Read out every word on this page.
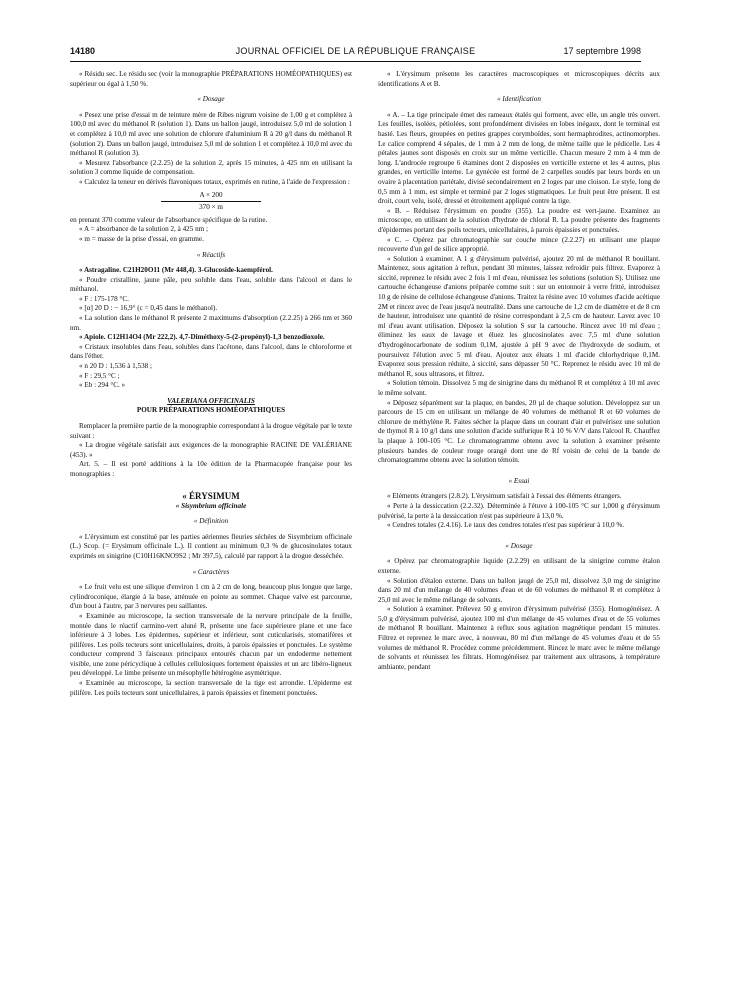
14180	JOURNAL OFFICIEL DE LA RÉPUBLIQUE FRANÇAISE	17 septembre 1998

« Résidu sec. Le résidu sec (voir la monographie PRÉPARATIONS HOMÉOPATHIQUES) est supérieur ou égal à 1,50 %.

« Dosage

« Pesez une prise d'essai m de teinture mère de Ribes nigrum voisine de 1,00 g et complétez à 100,0 ml avec du méthanol R (solution 1). Dans un ballon jaugé, introduisez 5,0 ml de solution 1 et complétez à 10,0 ml avec une solution de chlorure d'aluminium R à 20 g/l dans du méthanol R (solution 2). Dans un ballon jaugé, introduisez 5,0 ml de solution 1 et complétez à 10,0 ml avec du méthanol R (solution 3).

« Mesurez l'absorbance (2.2.25) de la solution 2, après 15 minutes, à 425 nm en utilisant la solution 3 comme liquide de compensation.

« Calculez la teneur en dérivés flavoniques totaux, exprimés en rutine, à l'aide de l'expression :

A × 200
370 × m

en prenant 370 comme valeur de l'absorbance spécifique de la rutine.

« A = absorbance de la solution 2, à 425 nm ;

« m = masse de la prise d'essai, en gramme.

« Réactifs

« Astragaline. C21H20O11 (Mr 448,4). 3-Glucoside-kaempférol.

« Poudre cristalline, jaune pâle, peu soluble dans l'eau, soluble dans l'alcool et dans le méthanol.

« F : 175-178 °C.

« [α] 20 D : − 16,9° (c = 0,45 dans le méthanol).

« La solution dans le méthanol R présente 2 maximums d'absorption (2.2.25) à 266 nm et 360 nm.

« Apiole. C12H14O4 (Mr 222,2). 4,7-Diméthoxy-5-(2-propényl)-1,3 benzodioxole.

« Cristaux insolubles dans l'eau, solubles dans l'acétone, dans l'alcool, dans le chloroforme et dans l'éther.

« n 20 D : 1,536 à 1,538 ;

« F : 29,5 °C ;

« Eb : 294 °C. »

VALERIANA OFFICINALIS

POUR PRÉPARATIONS HOMÉOPATHIQUES

Remplacer la première partie de la monographie correspondant à la drogue végétale par le texte suivant :

« La drogue végétale satisfait aux exigences de la monographie RACINE DE VALÉRIANE (453). »

Art. 5. – Il est porté additions à la 10e édition de la Pharmacopée française pour les monographies :

« ÉRYSIMUM

« Sisymbrium officinale

« Définition

« L'érysimum est constitué par les parties aériennes fleuries séchées de Sisymbrium officinale (L.) Scop. (= Erysimum officinale L.). Il contient au minimum 0,3 % de glucosinolates totaux exprimés en sinigrine (C10H16KNO9S2 ; Mr 397,5), calculé par rapport à la drogue desséchée.

« Caractères

« Le fruit velu est une silique d'environ 1 cm à 2 cm de long, beaucoup plus longue que large, cylindroconique, élargie à la base, atténuée en pointe au sommet. Chaque valve est parcourue, d'un bout à l'autre, par 3 nervures peu saillantes.

« Examinée au microscope, la section transversale de la nervure principale de la feuille, montée dans le réactif carmino-vert aluné R, présente une face supérieure plane et une face inférieure à 3 lobes. Les épidermes, supérieur et inférieur, sont cuticularisés, stomatifères et pilifères. Les poils tecteurs sont unicellulaires, droits, à parois épaissies et ponctuées. Le système conducteur comprend 3 faisceaux principaux entourés chacun par un endoderme nettement visible, une zone péricyclique à cellules cellulosiques fortement épaissies et un arc libéro-ligneux peu développé. Le limbe présente un mésophylle hétérogène asymétrique.

« Examinée au microscope, la section transversale de la tige est arrondie. L'épiderme est pilifère. Les poils tecteurs sont unicellulaires, à parois épaissies et finement ponctuées.

« L'érysimum présente les caractères macroscopiques et microscopiques décrits aux identifications A et B.

« Identification

« A. – La tige principale émet des rameaux étalés qui forment, avec elle, un angle très ouvert. Les feuilles, isolées, pétiolées, sont profondément divisées en lobes inégaux, dont le terminal est hasté. Les fleurs, groupées en petites grappes corymboïdes, sont hermaphrodites, actinomorphes. Le calice comprend 4 sépales, de 1 mm à 2 mm de long, de même taille que le pédicelle. Les 4 pétales jaunes sont disposés en croix sur un même verticille. Chacun mesure 2 mm à 4 mm de long. L'androcée regroupe 6 étamines dont 2 disposées en verticille externe et les 4 autres, plus grandes, en verticille interne. Le gynécée est formé de 2 carpelles soudés par leurs bords en un ovaire à placentation pariétale, divisé secondairement en 2 loges par une cloison. Le style, long de 0,5 mm à 1 mm, est simple et terminé par 2 loges stigmatiques. Le fruit peut être présent. Il est droit, court velu, isolé, dressé et étroitement appliqué contre la tige.

« B. – Réduisez l'érysimum en poudre (355). La poudre est vert-jaune. Examinez au microscope, en utilisant de la solution d'hydrate de chloral R. La poudre présente des fragments d'épidermes portant des poils tecteurs, unicellulaires, à parois épaissies et ponctuées.

« C. – Opérez par chromatographie sur couche mince (2.2.27) en utilisant une plaque recouverte d'un gel de silice approprié.

« Solution à examiner. A 1 g d'érysimum pulvérisé, ajoutez 20 ml de méthanol R bouillant. Maintenez, sous agitation à reflux, pendant 30 minutes, laissez refroidir puis filtrez. Evaporez à siccité, reprenez le résidu avec 2 fois 1 ml d'eau, réunissez les solutions (solution S). Utilisez une cartouche échangeuse d'anions préparée comme suit : sur un entonnoir à verre fritté, introduisez 10 g de résine de cellulose échangeuse d'anions. Traitez la résine avec 10 volumes d'acide acétique 2M et rincez avec de l'eau jusqu'à neutralité. Dans une cartouche de 1,2 cm de diamètre et de 8 cm de hauteur, introduisez une quantité de résine correspondant à 2,5 cm de hauteur. Lavez avec 10 ml d'eau avant utilisation. Déposez la solution S sur la cartouche. Rincez avec 10 ml d'eau ; éliminez les eaux de lavage et éluez les glucosinolates avec 7,5 ml d'une solution d'hydrogénocarbonate de sodium 0,1M, ajustée à pH 9 avec de l'hydroxyde de sodium, et poursuivez l'élution avec 5 ml d'eau. Ajoutez aux éluats 1 ml d'acide chlorhydrique 0,1M. Evaporez sous pression réduite, à siccité, sans dépasser 50 °C. Reprenez le résidu avec 10 ml de méthanol R, sous ultrasons, et filtrez.

« Solution témoin. Dissolvez 5 mg de sinigrine dans du méthanol R et complétez à 10 ml avec le même solvant.

« Déposez séparément sur la plaque, en bandes, 20 µl de chaque solution. Développez sur un parcours de 15 cm en utilisant un mélange de 40 volumes de méthanol R et 60 volumes de chlorure de méthylène R. Faites sécher la plaque dans un courant d'air et pulvérisez une solution de thymol R à 10 g/l dans une solution d'acide sulfurique R à 10 % V/V dans l'alcool R. Chauffez la plaque à 100-105 °C. Le chromatogramme obtenu avec la solution à examiner présente plusieurs bandes de couleur rouge orangé dont une de Rf voisin de celui de la bande de chromatogramme obtenu avec la solution témoin.

« Essai

« Eléments étrangers (2.8.2). L'érysimum satisfait à l'essai des éléments étrangers.

« Perte à la dessiccation (2.2.32). Déterminée à l'étuve à 100-105 °C sur 1,000 g d'érysimum pulvérisé, la perte à la dessiccation n'est pas supérieure à 13,0 %.

« Cendres totales (2.4.16). Le taux des cendres totales n'est pas supérieur à 10,0 %.

« Dosage

« Opérez par chromatographie liquide (2.2.29) en utilisant de la sinigrine comme étalon externe.

« Solution d'étalon externe. Dans un ballon jaugé de 25,0 ml, dissolvez 3,0 mg de sinigrine dans 20 ml d'un mélange de 40 volumes d'eau et de 60 volumes de méthanol R et complétez à 25,0 ml avec le même mélange de solvants.

« Solution à examiner. Prélevez 50 g environ d'érysimum pulvérisé (355). Homogénéisez. A 5,0 g d'érysimum pulvérisé, ajoutez 100 ml d'un mélange de 45 volumes d'eau et de 55 volumes de méthanol R bouillant. Maintenez à reflux sous agitation magnétique pendant 15 minutes. Filtrez et reprenez le marc avec, à nouveau, 80 ml d'un mélange de 45 volumes d'eau et de 55 volumes de méthanol R. Procédez comme précédemment. Rincez le marc avec le même mélange de solvants et réunissez les filtrats. Homogénéisez par traitement aux ultrasons, à température ambiante, pendant
